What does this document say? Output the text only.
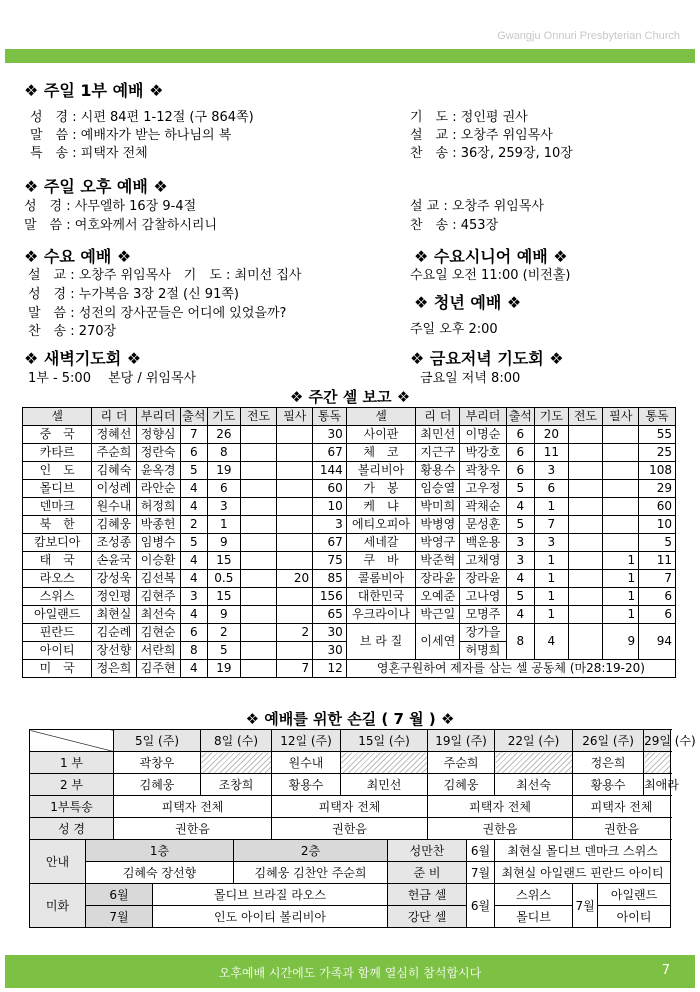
Gwangju Onnuri Presbyterian Church
❖ 주일 1부 예배 ❖
성　경 : 시편 84편 1-12절 (구 864쪽)
말　씀 : 예배자가 받는 하나님의 복
특　송 : 피택자 전체
기　도 : 정인평 권사
설　교 : 오창주 위임목사
찬　송 : 36장, 259장, 10장
❖ 주일 오후 예배 ❖
성　경 : 사무엘하 16장 9-4절
말　씀 : 여호와께서 감찰하시리니
설 교 : 오창주 위임목사
찬　송 : 453장
❖ 수요 예배 ❖
설　교 : 오창주 위임목사　기　도 : 최미선 집사
성　경 : 누가복음 3장 2절 (신 91쪽)
말　씀 : 성전의 장사꾼들은 어디에 있었을까?
찬　송 : 270장
❖ 수요시니어 예배 ❖
수요일 오전 11:00 (비전홀)
❖ 청년 예배 ❖
주일 오후 2:00
❖ 새벽기도회 ❖
1부 - 5:00　 본당 / 위임목사
❖ 금요저녁 기도회 ❖
금요일 저녁 8:00
❖ 주간 셀 보고 ❖
셀	리 더	부리더	출석	기도	전도	필사	통독	셀	리 더	부리더	출석	기도	전도	필사	통독
중　국	정혜선	정향심	7	26			30	사이판	최민선	이명순	6	20			55
카타르	주순희	정란숙	6	8			67	체　코	지근구	박강호	6	11			25
인　도	김혜숙	윤옥경	5	19			144	볼리비아	황용수	곽창우	6	3			108
몰디브	이성례	라안순	4	6			60	가　봉	임승열	고우정	5	6			29
덴마크	원수내	허정희	4	3			10	케　냐	박미희	곽채순	4	1			60
북　한	김혜웅	박종헌	2	1			3	에티오피아	박병영	문성훈	5	7			10
캄보디아	조성종	임병수	5	9			67	세네갈	박영구	백운용	3	3			5
태　국	손윤국	이승환	4	15			75	쿠　바	박준혁	고채영	3	1		1	11
라오스	강성욱	김선복	4	0.5		20	85	콜롬비아	장라윤	장라윤	4	1		1	7
스위스	정인평	김현주	3	15			156	대한민국	오예준	고나영	5	1		1	6
아일랜드	최현실	최선숙	4	9			65	우크라이나	박근일	모명주	4	1		1	6
핀란드	김순례	김현순	6	2		2	30	브 라 질	이세연	장가을	8	4		9	94
아이티	장선향	서란희	8	5			30			허명희					
미　국	정은희	김주현	4	19		7	12	영혼구원하여 제자를 삼는 셀 공동체 (마28:19-20)							
❖ 예배를 위한 손길 ( 7 월 ) ❖
		5일 (주)		8일 (수)		12일 (주)	15일 (수)		19일 (주)		22일 (수)	26일 (주)		29일 (수)
1 부		곽창우				원수내			주순희			정은희		
2 부		김혜웅		조창희		황용수	최민선		김혜웅		최선숙	황용수		최애라
1부특송		피택자 전체				피택자 전체			피택자 전체			피택자 전체		
성 경		권한음				권한음			권한음			권한음		
안내	1층				2층			성만찬		6월	최현실 몰디브 덴마크 스위스			
	김혜숙 장선향				김혜웅 김찬안 주순희			준 비		7월	최현실 아일랜드 핀란드 아이티			
미화	6월		몰디브 브라질 라오스					헌금 셀		6월	스위스	7월	아일랜드	
	7월		인도 아이티 볼리비아					강단 셀			몰디브		아이티	
오후예배 시간에도 가족과 함께 열심히 참석합시다	7
